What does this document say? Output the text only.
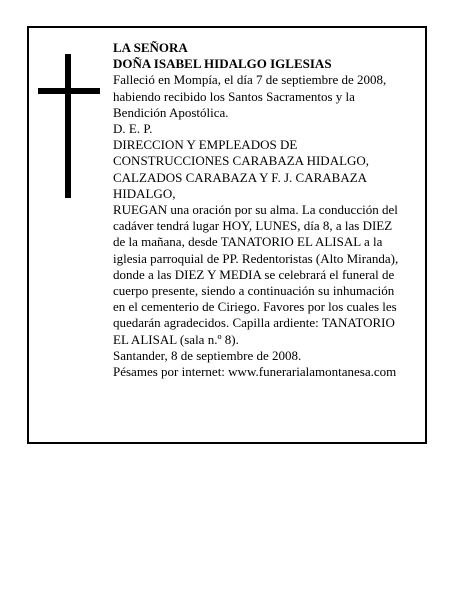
LA SEÑORA
DOÑA ISABEL HIDALGO IGLESIAS
Falleció en Mompía, el día 7 de septiembre de 2008,
habiendo recibido los Santos Sacramentos y la
Bendición Apostólica.
D. E. P.
DIRECCION Y EMPLEADOS DE
CONSTRUCCIONES CARABAZA HIDALGO,
CALZADOS CARABAZA Y F. J. CARABAZA
HIDALGO,
RUEGAN una oración por su alma. La conducción del
cadáver tendrá lugar HOY, LUNES, día 8, a las DIEZ
de la mañana, desde TANATORIO EL ALISAL a la
iglesia parroquial de PP. Redentoristas (Alto Miranda),
donde a las DIEZ Y MEDIA se celebrará el funeral de
cuerpo presente, siendo a continuación su inhumación
en el cementerio de Ciriego. Favores por los cuales les
quedarán agradecidos. Capilla ardiente: TANATORIO
EL ALISAL (sala n.º 8).
Santander, 8 de septiembre de 2008.
Pésames por internet: www.funerarialamontanesa.com
